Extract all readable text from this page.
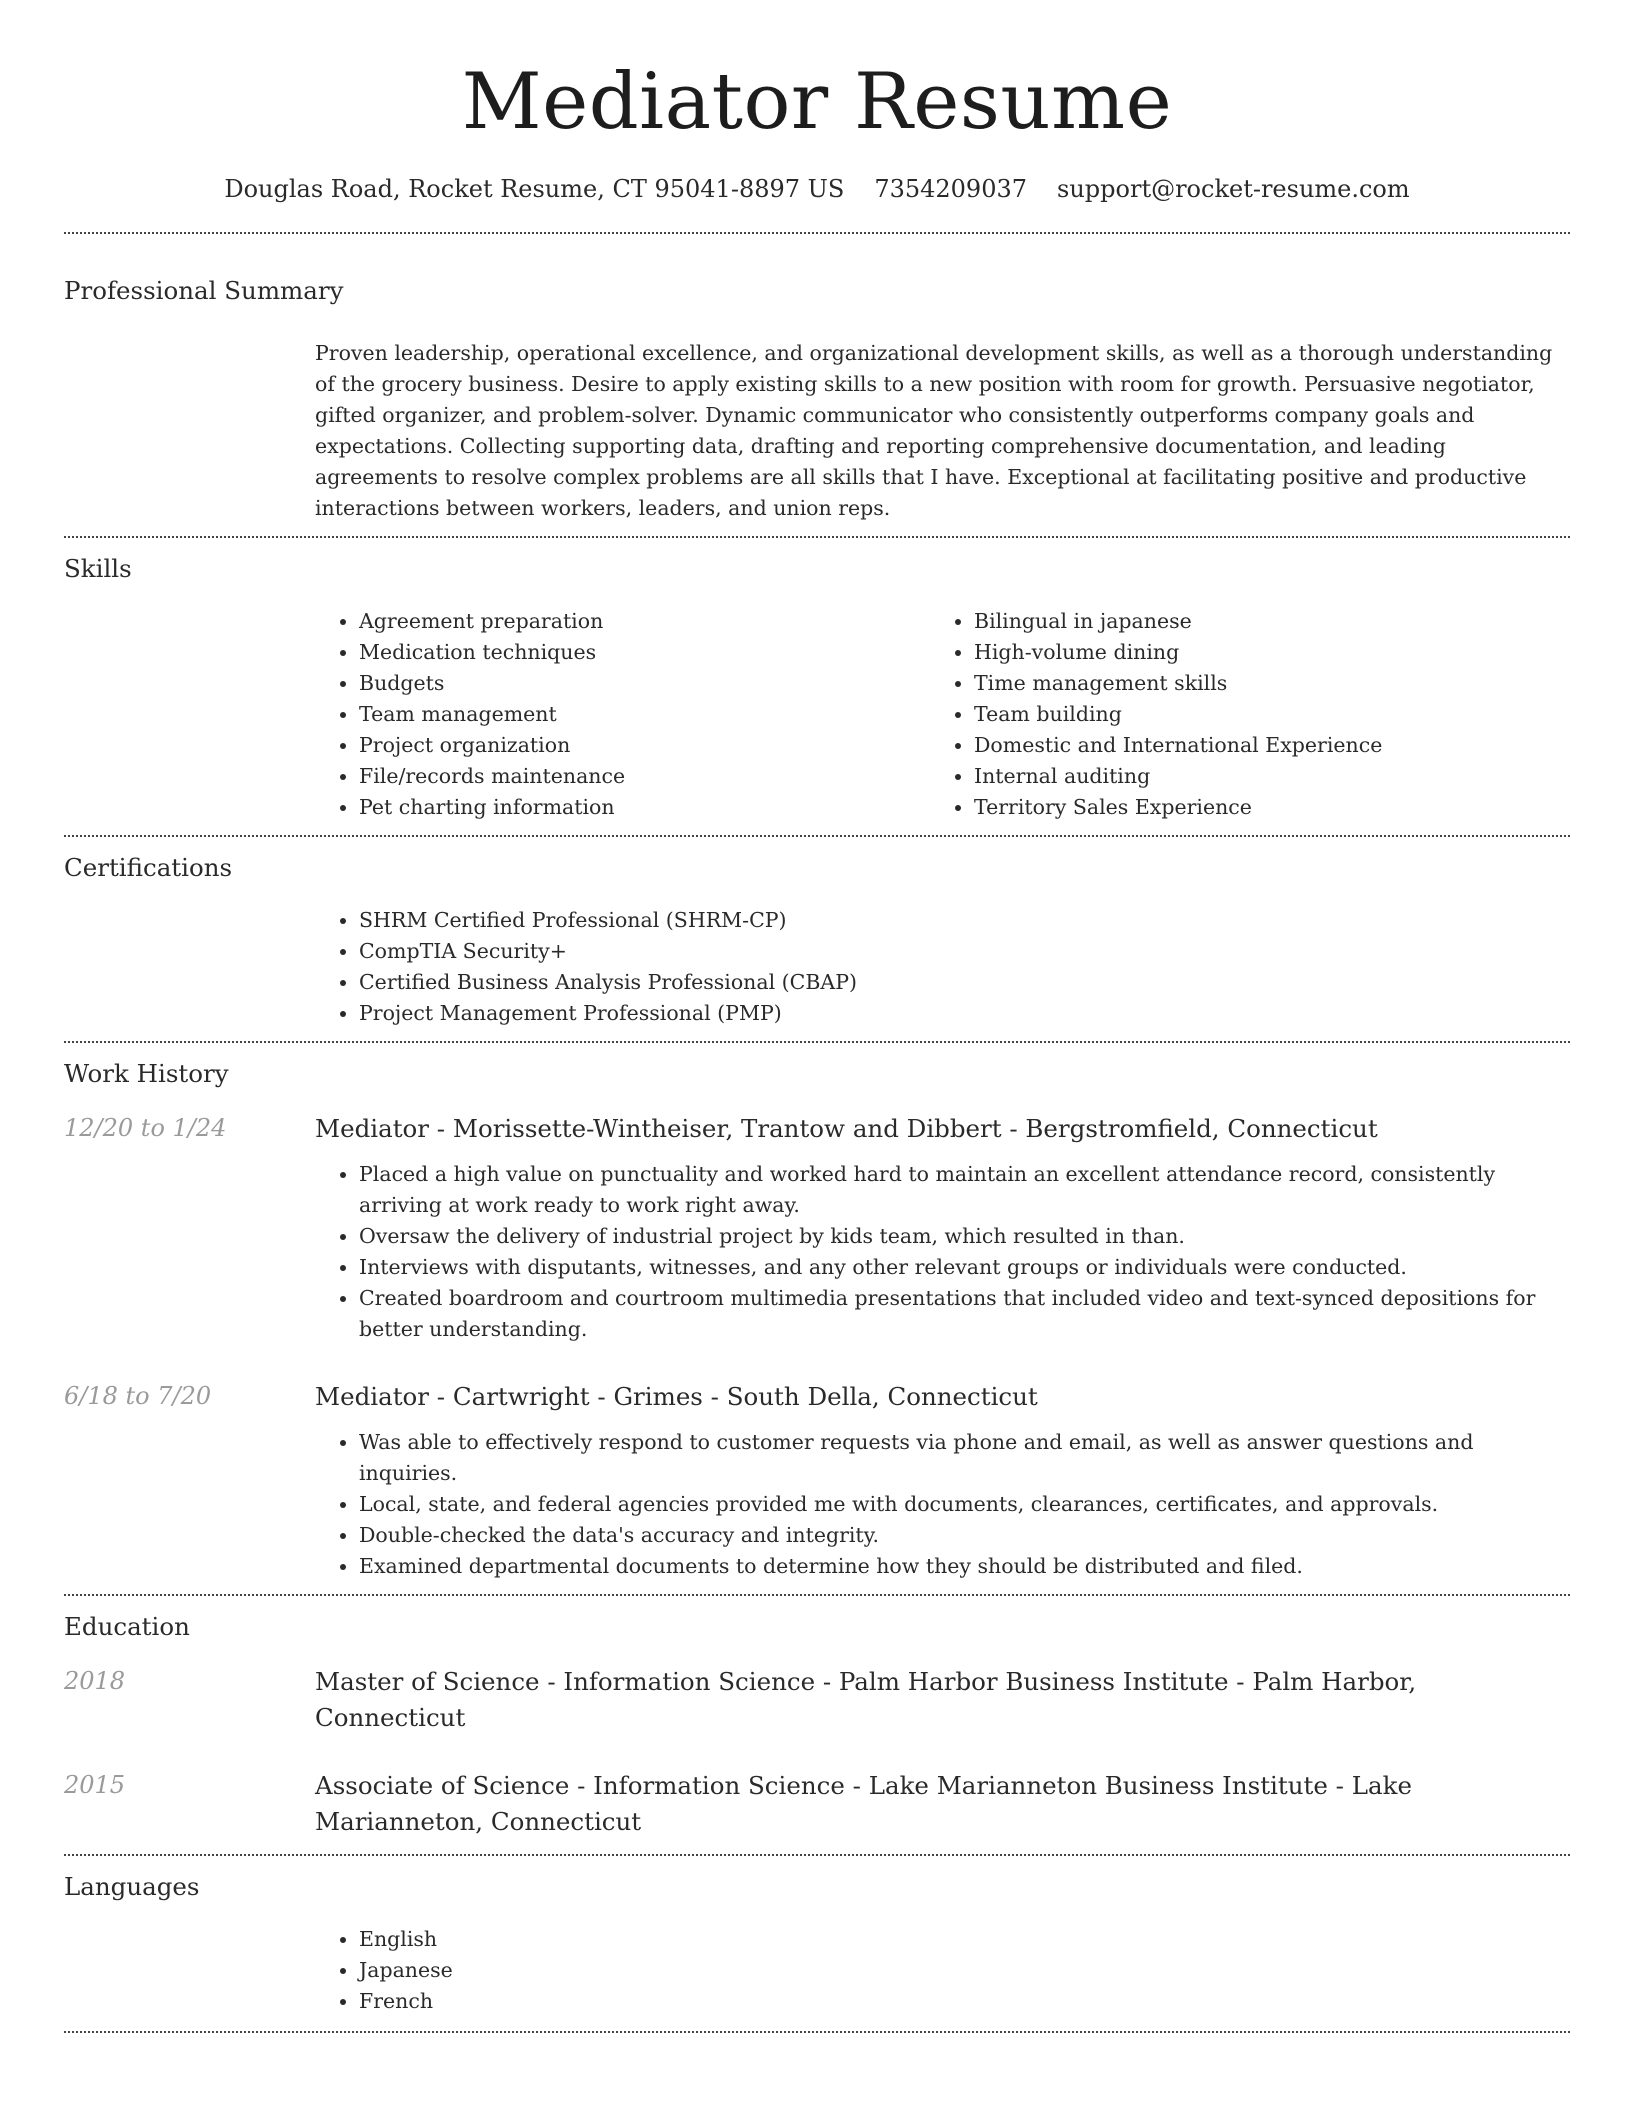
Mediator Resume
Douglas Road, Rocket Resume, CT 95041-8897 US 7354209037 support@rocket-resume.com
Professional Summary
Proven leadership, operational excellence, and organizational development skills, as well as a thorough understanding of the grocery business. Desire to apply existing skills to a new position with room for growth. Persuasive negotiator, gifted organizer, and problem-solver. Dynamic communicator who consistently outperforms company goals and expectations. Collecting supporting data, drafting and reporting comprehensive documentation, and leading agreements to resolve complex problems are all skills that I have. Exceptional at facilitating positive and productive interactions between workers, leaders, and union reps.
Skills
• Agreement preparation
• Medication techniques
• Budgets
• Team management
• Project organization
• File/records maintenance
• Pet charting information
• Bilingual in japanese
• High-volume dining
• Time management skills
• Team building
• Domestic and International Experience
• Internal auditing
• Territory Sales Experience
Certifications
• SHRM Certified Professional (SHRM-CP)
• CompTIA Security+
• Certified Business Analysis Professional (CBAP)
• Project Management Professional (PMP)
Work History
12/20 to 1/24	Mediator - Morissette-Wintheiser, Trantow and Dibbert - Bergstromfield, Connecticut
• Placed a high value on punctuality and worked hard to maintain an excellent attendance record, consistently arriving at work ready to work right away.
• Oversaw the delivery of industrial project by kids team, which resulted in than.
• Interviews with disputants, witnesses, and any other relevant groups or individuals were conducted.
• Created boardroom and courtroom multimedia presentations that included video and text-synced depositions for better understanding.
6/18 to 7/20	Mediator - Cartwright - Grimes - South Della, Connecticut
• Was able to effectively respond to customer requests via phone and email, as well as answer questions and inquiries.
• Local, state, and federal agencies provided me with documents, clearances, certificates, and approvals.
• Double-checked the data's accuracy and integrity.
• Examined departmental documents to determine how they should be distributed and filed.
Education
2018	Master of Science - Information Science - Palm Harbor Business Institute - Palm Harbor, Connecticut
2015	Associate of Science - Information Science - Lake Marianneton Business Institute - Lake Marianneton, Connecticut
Languages
• English
• Japanese
• French
